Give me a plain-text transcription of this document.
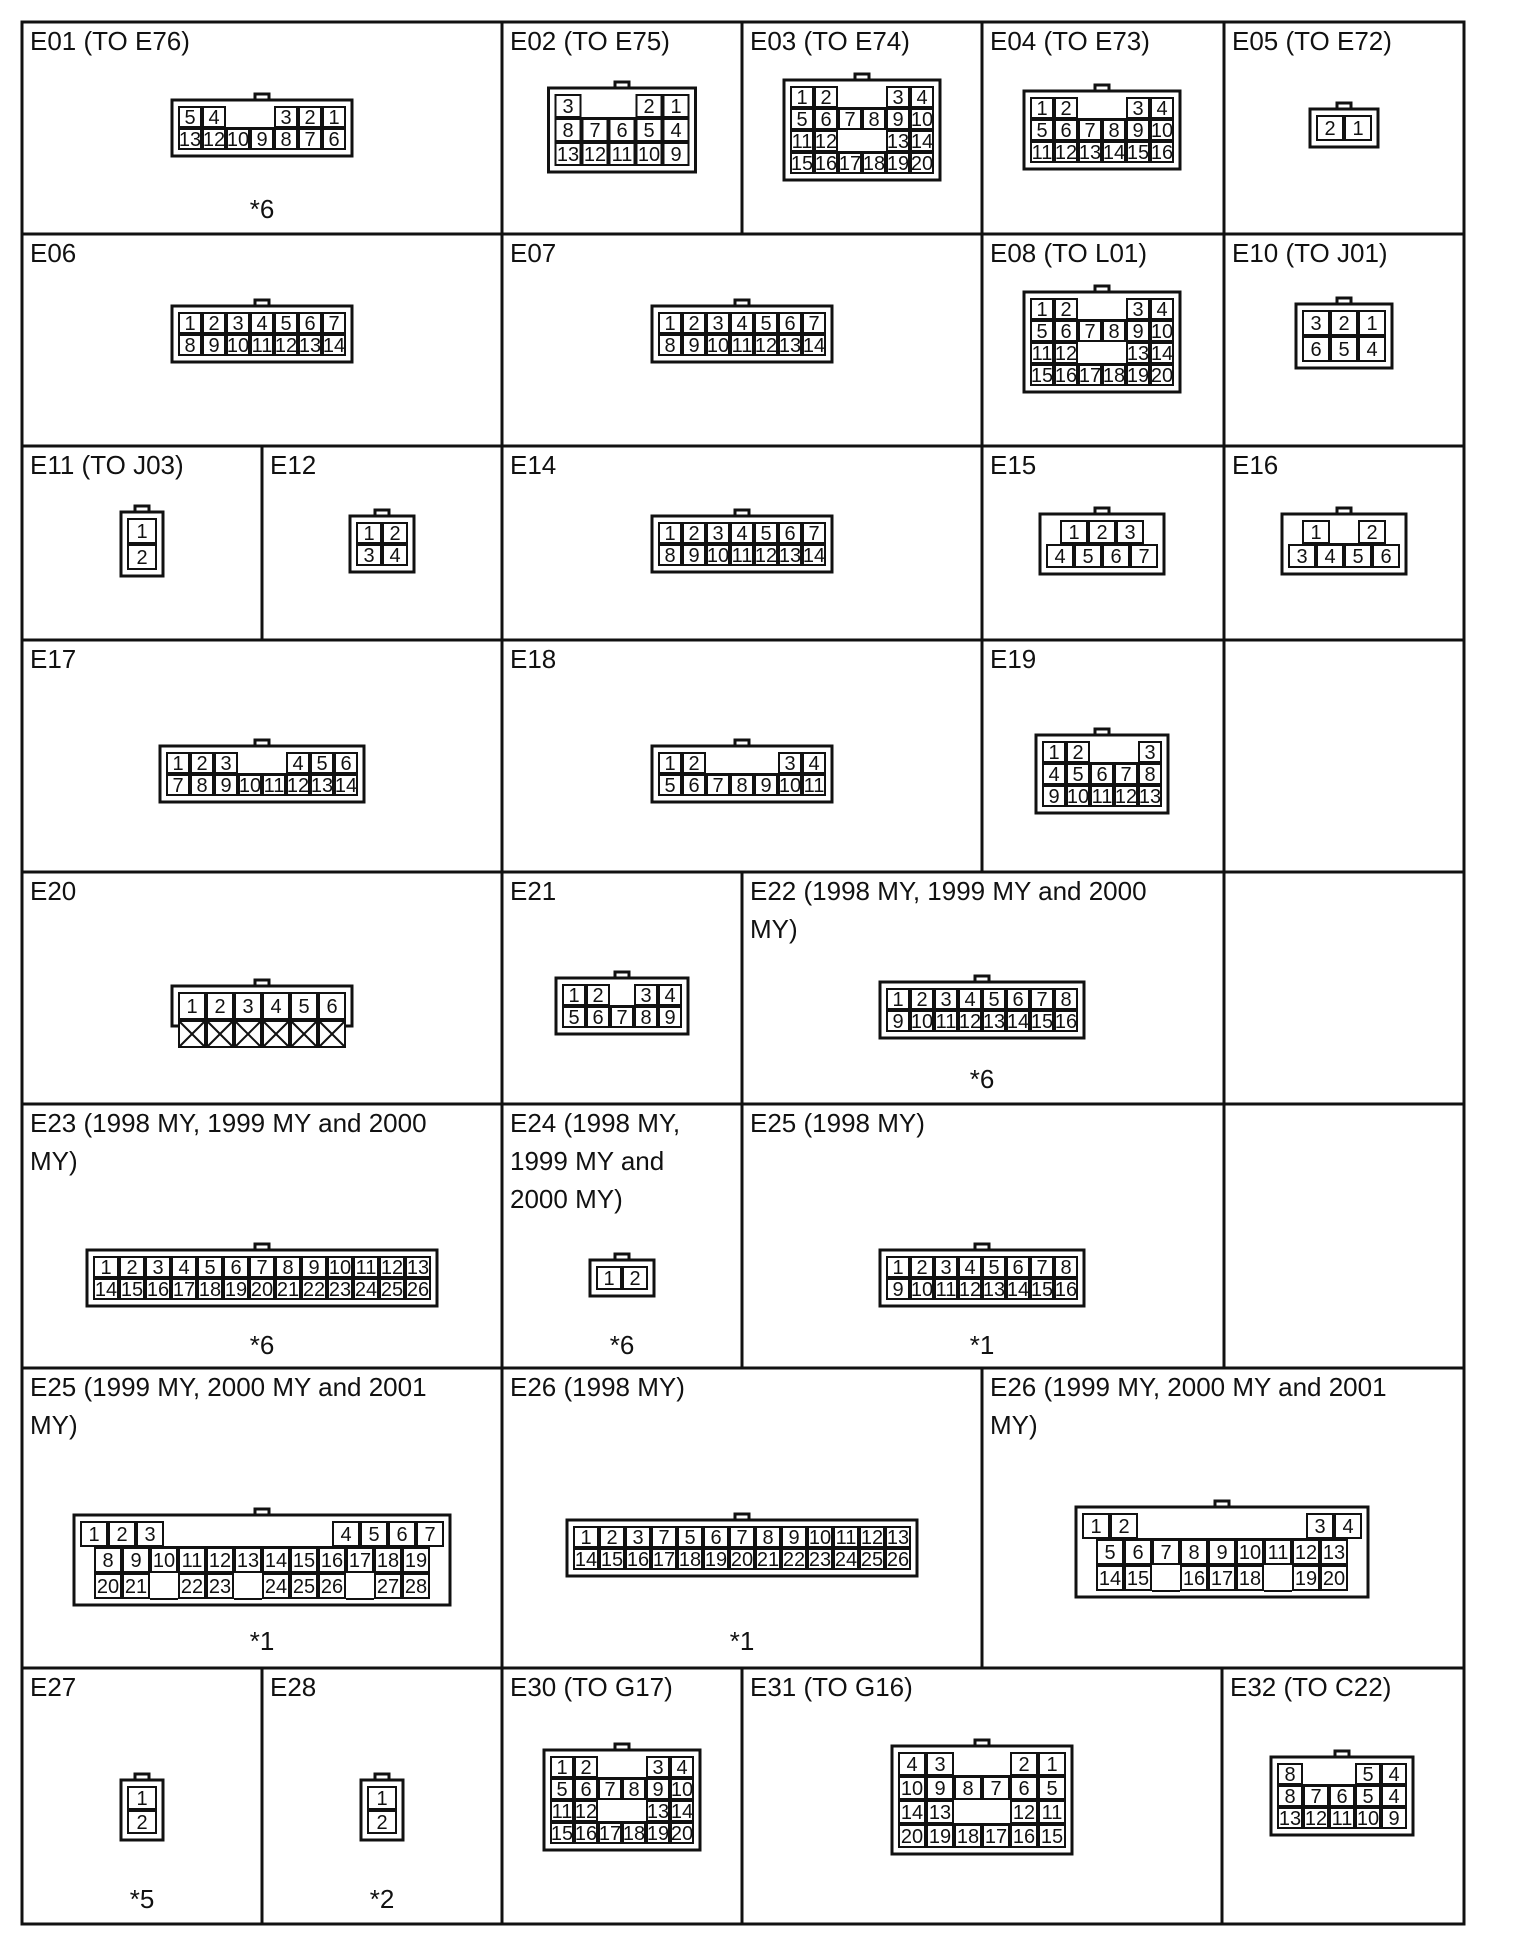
E01 (TO E76)
5 4	3 2 1
13 12 10 9 8 7 6
*6
E02 (TO E75)
3	2 1
8 7 6 5 4
13 12 11 10 9
E03 (TO E74)
1 2	3 4
5 6 7 8 9 10
11 12 13 14
15 16 17 18 19 20
E04 (TO E73)
1 2	3 4
5 6 7 8 9 10
11 12 13 14 15 16
E05 (TO E72)
2 1
E06
1 2 3 4 5 6 7
8 9 10 11 12 13 14
E07
1 2 3 4 5 6 7
8 9 10 11 12 13 14
E08 (TO L01)
1 2	3 4
5 6 7 8 9 10
11 12 13 14
15 16 17 18 19 20
E10 (TO J01)
3 2 1
6 5 4
E11 (TO J03)
1
2
E12
1 2
3 4
E14
1 2 3 4 5 6 7
8 9 10 11 12 13 14
E15
1 2 3
4 5 6 7
E16
1 2
3 4 5 6
E17
1 2 3	4 5 6
7 8 9 10 11 12 13 14
E18
1 2	3 4
5 6 7 8 9 10 11
E19
1 2	3
4 5 6 7 8
9 10 11 12 13
E20
1 2 3 4 5 6
E21
1 2 3 4
5 6 7 8 9
E22 (1998 MY, 1999 MY and 2000 MY)
1 2 3 4 5 6 7 8
9 10 11 12 13 14 15 16
*6
E23 (1998 MY, 1999 MY and 2000 MY)
1 2 3 4 5 6 7 8 9 10 11 12 13
14 15 16 17 18 19 20 21 22 23 24 25 26
*6
E24 (1998 MY, 1999 MY and 2000 MY)
1 2
*6
E25 (1998 MY)
1 2 3 4 5 6 7 8
9 10 11 12 13 14 15 16
*1
E25 (1999 MY, 2000 MY and 2001 MY)
1 2 3	4 5 6 7
8 9 10 11 12 13 14 15 16 17 18 19
20 21 22 23 24 25 26 27 28
*1
E26 (1998 MY)
1 2 3 7 5 6 7 8 9 10 11 12 13
14 15 16 17 18 19 20 21 22 23 24 25 26
*1
E26 (1999 MY, 2000 MY and 2001 MY)
1 2	3 4
5 6 7 8 9 10 11 12 13
14 15 16 17 18 19 20
E27
1
2
*5
E28
1
2
*2
E30 (TO G17)
1 2	3 4
5 6 7 8 9 10
11 12 13 14
15 16 17 18 19 20
E31 (TO G16)
4 3	2 1
10 9 8 7 6 5
14 13	12 11
20 19 18 17 16 15
E32 (TO C22)
8	5 4
8 7 6 5 4
13 12 11 10 9
